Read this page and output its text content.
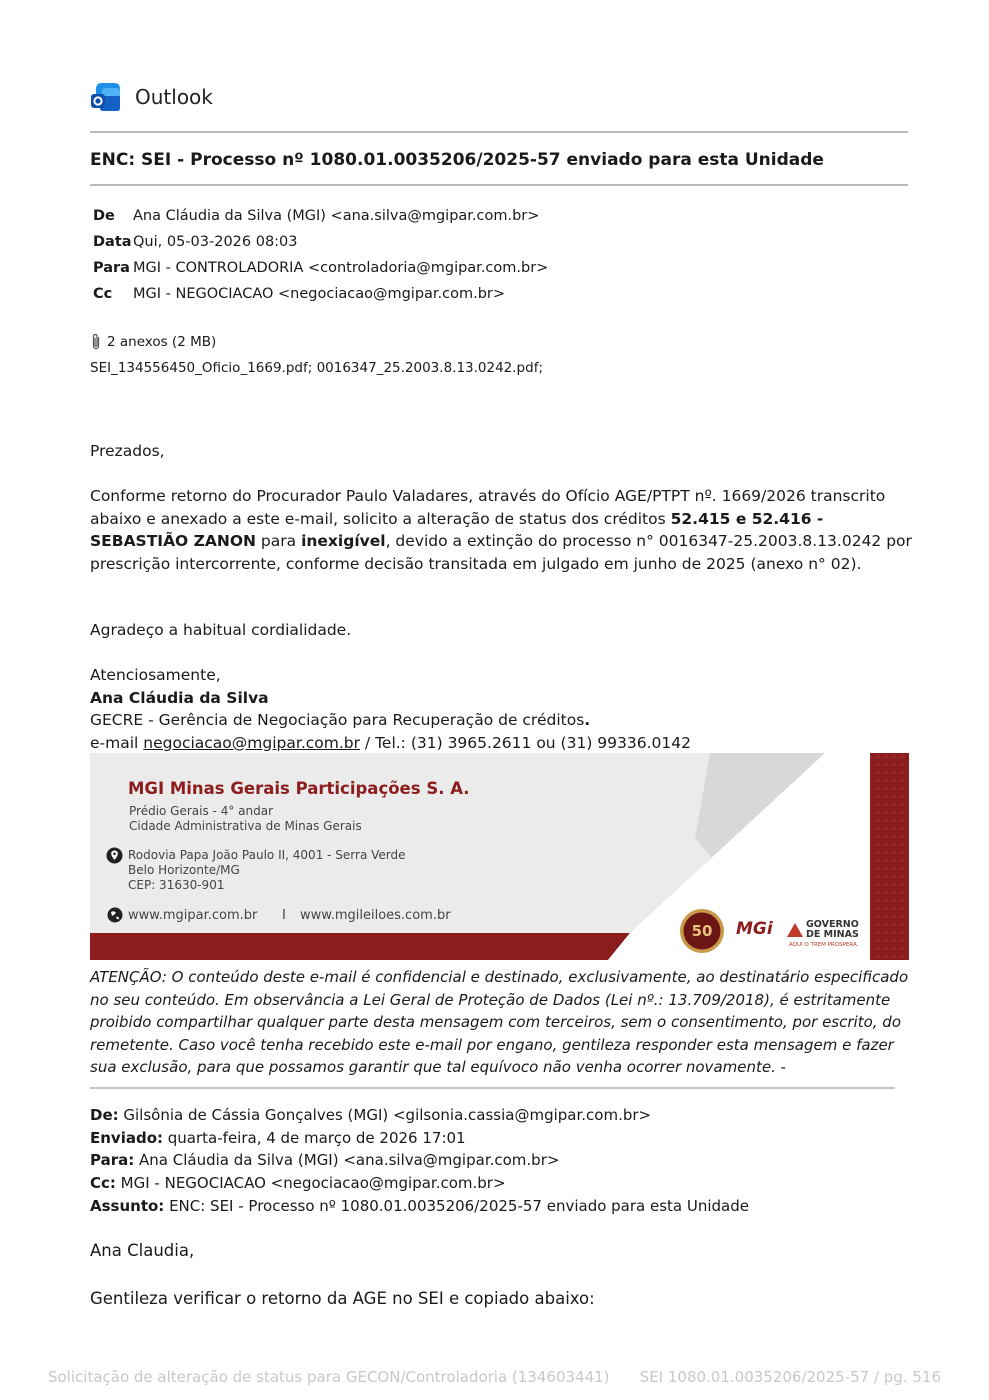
Outlook
ENC: SEI - Processo nº 1080.01.0035206/2025-57 enviado para esta Unidade
De	Ana Cláudia da Silva (MGI) <ana.silva@mgipar.com.br>
Data Qui, 05-03-2026 08:03
Para MGI - CONTROLADORIA <controladoria@mgipar.com.br>
Cc	MGI - NEGOCIACAO <negociacao@mgipar.com.br>
2 anexos (2 MB)
SEI_134556450_Oficio_1669.pdf; 0016347_25.2003.8.13.0242.pdf;

Prezados,

Conforme retorno do Procurador Paulo Valadares, através do Ofício AGE/PTPT nº. 1669/2026 transcrito abaixo e anexado a este e-mail, solicito a alteração de status dos créditos 52.415 e 52.416 - SEBASTIÃO ZANON para inexigível, devido a extinção do processo n° 0016347-25.2003.8.13.0242 por prescrição intercorrente, conforme decisão transitada em julgado em junho de 2025 (anexo n° 02).

Agradeço a habitual cordialidade.

Atenciosamente,

Ana Cláudia da Silva

GECRE - Gerência de Negociação para Recuperação de créditos.

e-mail negociacao@mgipar.com.br / Tel.: (31) 3965.2611 ou (31) 99336.0142

MGI Minas Gerais Participações S. A.
Prédio Gerais - 4° andar
Cidade Administrativa de Minas Gerais
Rodovia Papa João Paulo II, 4001 - Serra Verde
Belo Horizonte/MG
CEP: 31630-901
www.mgipar.com.br I www.mgileiloes.com.br
50 MGi	GOVERNO
DE MINAS
AQUI O TREM PROSPERA.
ATENÇÃO: O conteúdo deste e-mail é confidencial e destinado, exclusivamente, ao destinatário especificado no seu conteúdo. Em observância a Lei Geral de Proteção de Dados (Lei nº.: 13.709/2018), é estritamente proibido compartilhar qualquer parte desta mensagem com terceiros, sem o consentimento, por escrito, do remetente. Caso você tenha recebido este e-mail por engano, gentileza responder esta mensagem e fazer sua exclusão, para que possamos garantir que tal equívoco não venha ocorrer novamente. -
De: Gilsônia de Cássia Gonçalves (MGI) <gilsonia.cassia@mgipar.com.br>
Enviado: quarta-feira, 4 de março de 2026 17:01
Para: Ana Cláudia da Silva (MGI) <ana.silva@mgipar.com.br>
Cc: MGI - NEGOCIACAO <negociacao@mgipar.com.br>
Assunto: ENC: SEI - Processo nº 1080.01.0035206/2025-57 enviado para esta Unidade
Ana Claudia,
Gentileza verificar o retorno da AGE no SEI e copiado abaixo:
Solicitação de alteração de status para GECON/Controladoria (134603441) SEI 1080.01.0035206/2025-57 / pg. 516
